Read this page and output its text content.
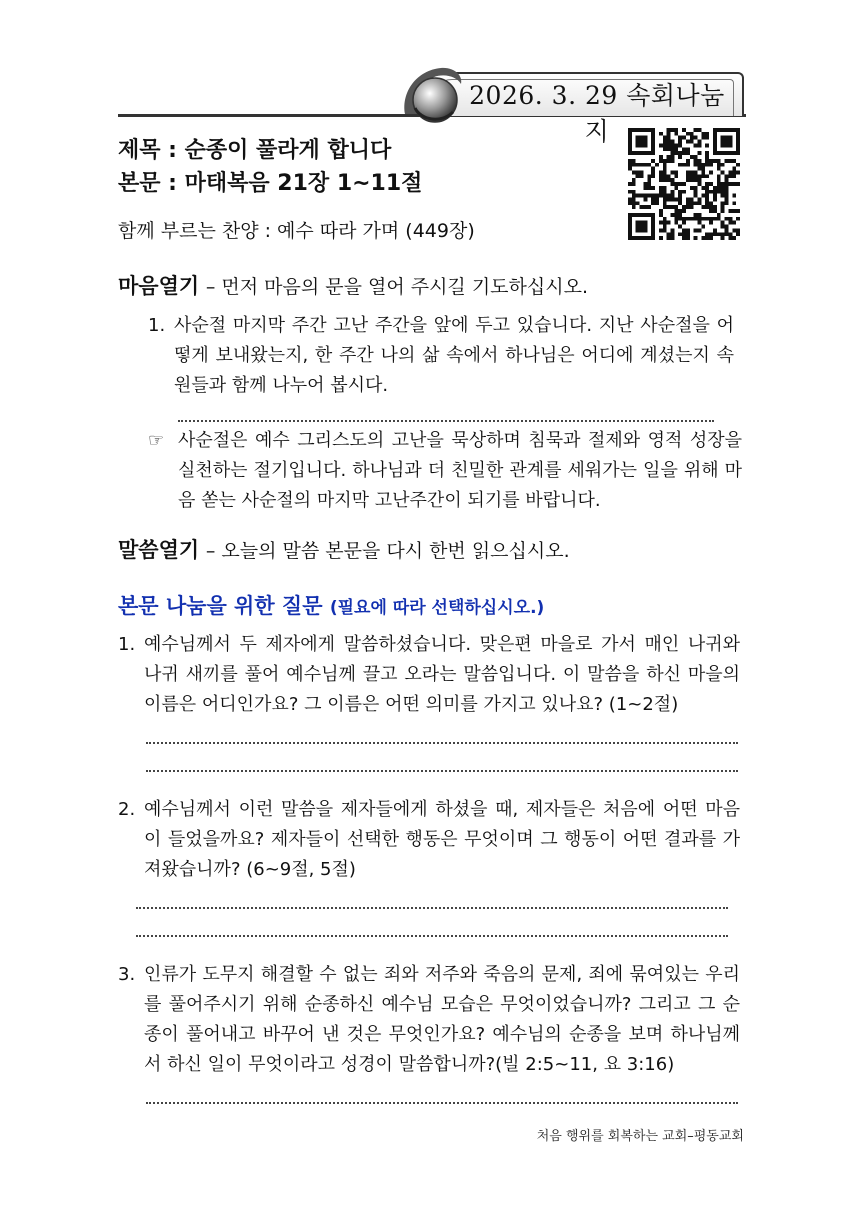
2026. 3. 29 속회나눔지
제목 : 순종이 풀라게 합니다
본문 : 마태복음 21장 1~11절
함께 부르는 찬양 : 예수 따라 가며 (449장)
마음열기 – 먼저 마음의 문을 열어 주시길 기도하십시오.
1. 사순절 마지막 주간 고난 주간을 앞에 두고 있습니다. 지난 사순절을 어떻게 보내왔는지, 한 주간 나의 삶 속에서 하나님은 어디에 계셨는지 속원들과 함께 나누어 봅시다.
☞ 사순절은 예수 그리스도의 고난을 묵상하며 침묵과 절제와 영적 성장을 실천하는 절기입니다. 하나님과 더 친밀한 관계를 세워가는 일을 위해 마음 쏟는 사순절의 마지막 고난주간이 되기를 바랍니다.
말씀열기 – 오늘의 말씀 본문을 다시 한번 읽으십시오.
본문 나눔을 위한 질문 (필요에 따라 선택하십시오.)
1. 예수님께서 두 제자에게 말씀하셨습니다. 맞은편 마을로 가서 매인 나귀와 나귀 새끼를 풀어 예수님께 끌고 오라는 말씀입니다. 이 말씀을 하신 마을의 이름은 어디인가요? 그 이름은 어떤 의미를 가지고 있나요? (1~2절)
2. 예수님께서 이런 말씀을 제자들에게 하셨을 때, 제자들은 처음에 어떤 마음이 들었을까요? 제자들이 선택한 행동은 무엇이며 그 행동이 어떤 결과를 가져왔습니까? (6~9절, 5절)
3. 인류가 도무지 해결할 수 없는 죄와 저주와 죽음의 문제, 죄에 묶여있는 우리를 풀어주시기 위해 순종하신 예수님 모습은 무엇이었습니까? 그리고 그 순종이 풀어내고 바꾸어 낸 것은 무엇인가요? 예수님의 순종을 보며 하나님께서 하신 일이 무엇이라고 성경이 말씀합니까?(빌 2:5~11, 요 3:16)
처음 행위를 회복하는 교회–평동교회
